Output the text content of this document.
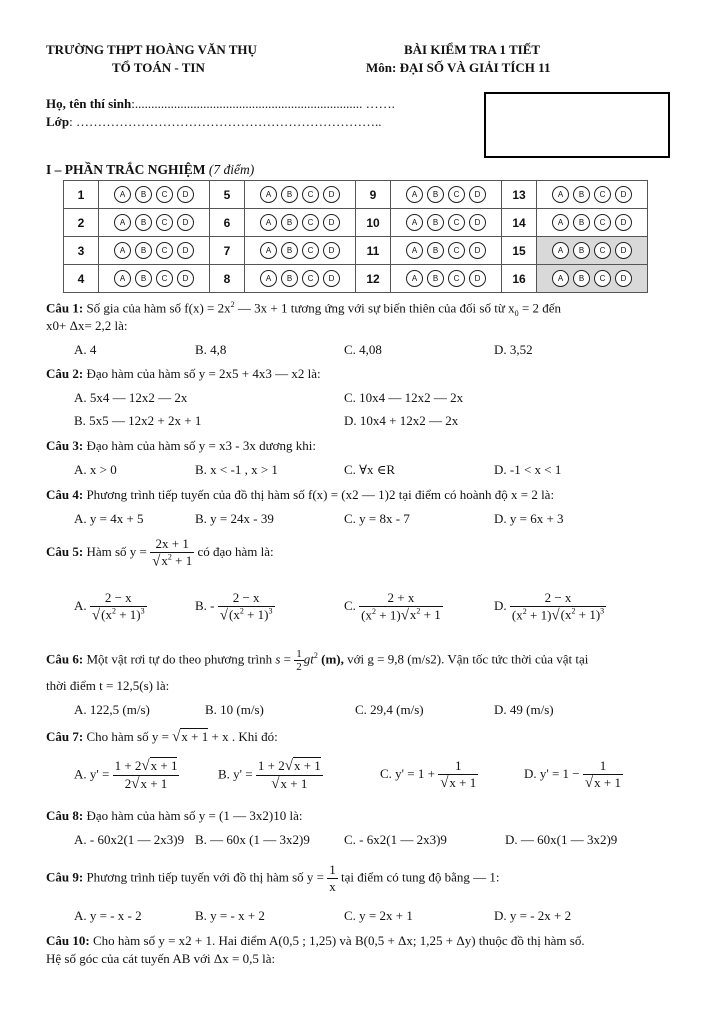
TRƯỜNG THPT HOÀNG VĂN THỤ
TỔ TOÁN - TIN
BÀI KIỂM TRA 1 TIẾT
Môn: ĐẠI SỐ VÀ GIẢI TÍCH 11
Họ, tên thí sinh:...................................................................... …….
Lớp: ……………………………………………………………..
I – PHẦN TRẮC NGHIỆM (7 điểm)
1	A B C D	5	A B C D	9	A B C D	13	A B C D
2	A B C D	6	A B C D	10	A B C D	14	A B C D
3	A B C D	7	A B C D	11	A B C D	15	A B C D
4	A B C D	8	A B C D	12	A B C D	16	A B C D
Câu 1: Số gia của hàm số $f(x) = 2x^2$ — 3x + 1 tương ứng với sự biến thiên của đối số từ $x_0 = 2$ đến
x0+ Δx= 2,2 là:
A. 4	B. 4,8	C. 4,08	D. 3,52
Câu 2: Đạo hàm của hàm số y = 2x5 + 4x3 — x2 là:
A. 5x4 — 12x2 — 2x	C. 10x4 — 12x2 — 2x
B. 5x5 — 12x2 + 2x + 1	D. 10x4 + 12x2 — 2x
Câu 3: Đạo hàm của hàm số y = x3 - 3x dương khi:
A. x > 0	B. x < -1 , x > 1	C. ∀x ∈R	D. -1 < x < 1
Câu 4: Phương trình tiếp tuyến của đồ thị hàm số f(x) = (x2 — 1)2 tại điểm có hoành độ x = 2 là:
A. y = 4x + 5	B. y = 24x - 39	C. y = 8x - 7	D. y = 6x + 3
Câu 5: Hàm số $y = \frac{2x + 1}{√x^2 + 1}$ có đạo hàm là:
A. $\frac{2 - x}{√(x^2 + 1)^3}$	B. - $\frac{2 - x}{√(x^2 + 1)^3}$	C. $\frac{2 + x}{(x^2 + 1)√x^2 + 1}$	D. $\frac{2 - x}{(x^2 + 1)√(x^2 + 1)^3}$
Câu 6: Một vật rơi tự do theo phương trình $s = \frac{1}{2} gt^2$ (m), với g = 9,8 (m/s2). Vận tốc tức thời của vật tại
thời điểm t = 12,5(s) là:
A. 122,5 (m/s)	B. 10 (m/s)	C. 29,4 (m/s)	D. 49 (m/s)
Câu 7: Cho hàm số y = √x + 1 + x . Khi đó:
A. $y' = \frac{1 + 2√x + 1}{2√x + 1}$	B. $y' = \frac{1 + 2√x + 1}{√x + 1}$	C. $y' = 1 + \frac{1}{√x + 1}$	D. $y' = 1 - \frac{1}{√x + 1}$
Câu 8: Đạo hàm của hàm số y = (1 — 3x2)10 là:
A. - 60x2(1 — 2x3)9 B. — 60x (1 — 3x2)9	C. - 6x2(1 — 2x3)9	D. — 60x(1 — 3x2)9
Câu 9: Phương trình tiếp tuyến với đồ thị hàm số $y = \frac{1}{x}$ tại điểm có tung độ bằng — 1:
A. y = - x - 2	B. y = - x + 2	C. y = 2x + 1	D. y = - 2x + 2
Câu 10: Cho hàm số y = x2 + 1. Hai điểm A(0,5 ; 1,25) và B(0,5 + Δx; 1,25 + Δy) thuộc đồ thị hàm số.
Hệ số góc của cát tuyến AB với Δx = 0,5 là:
